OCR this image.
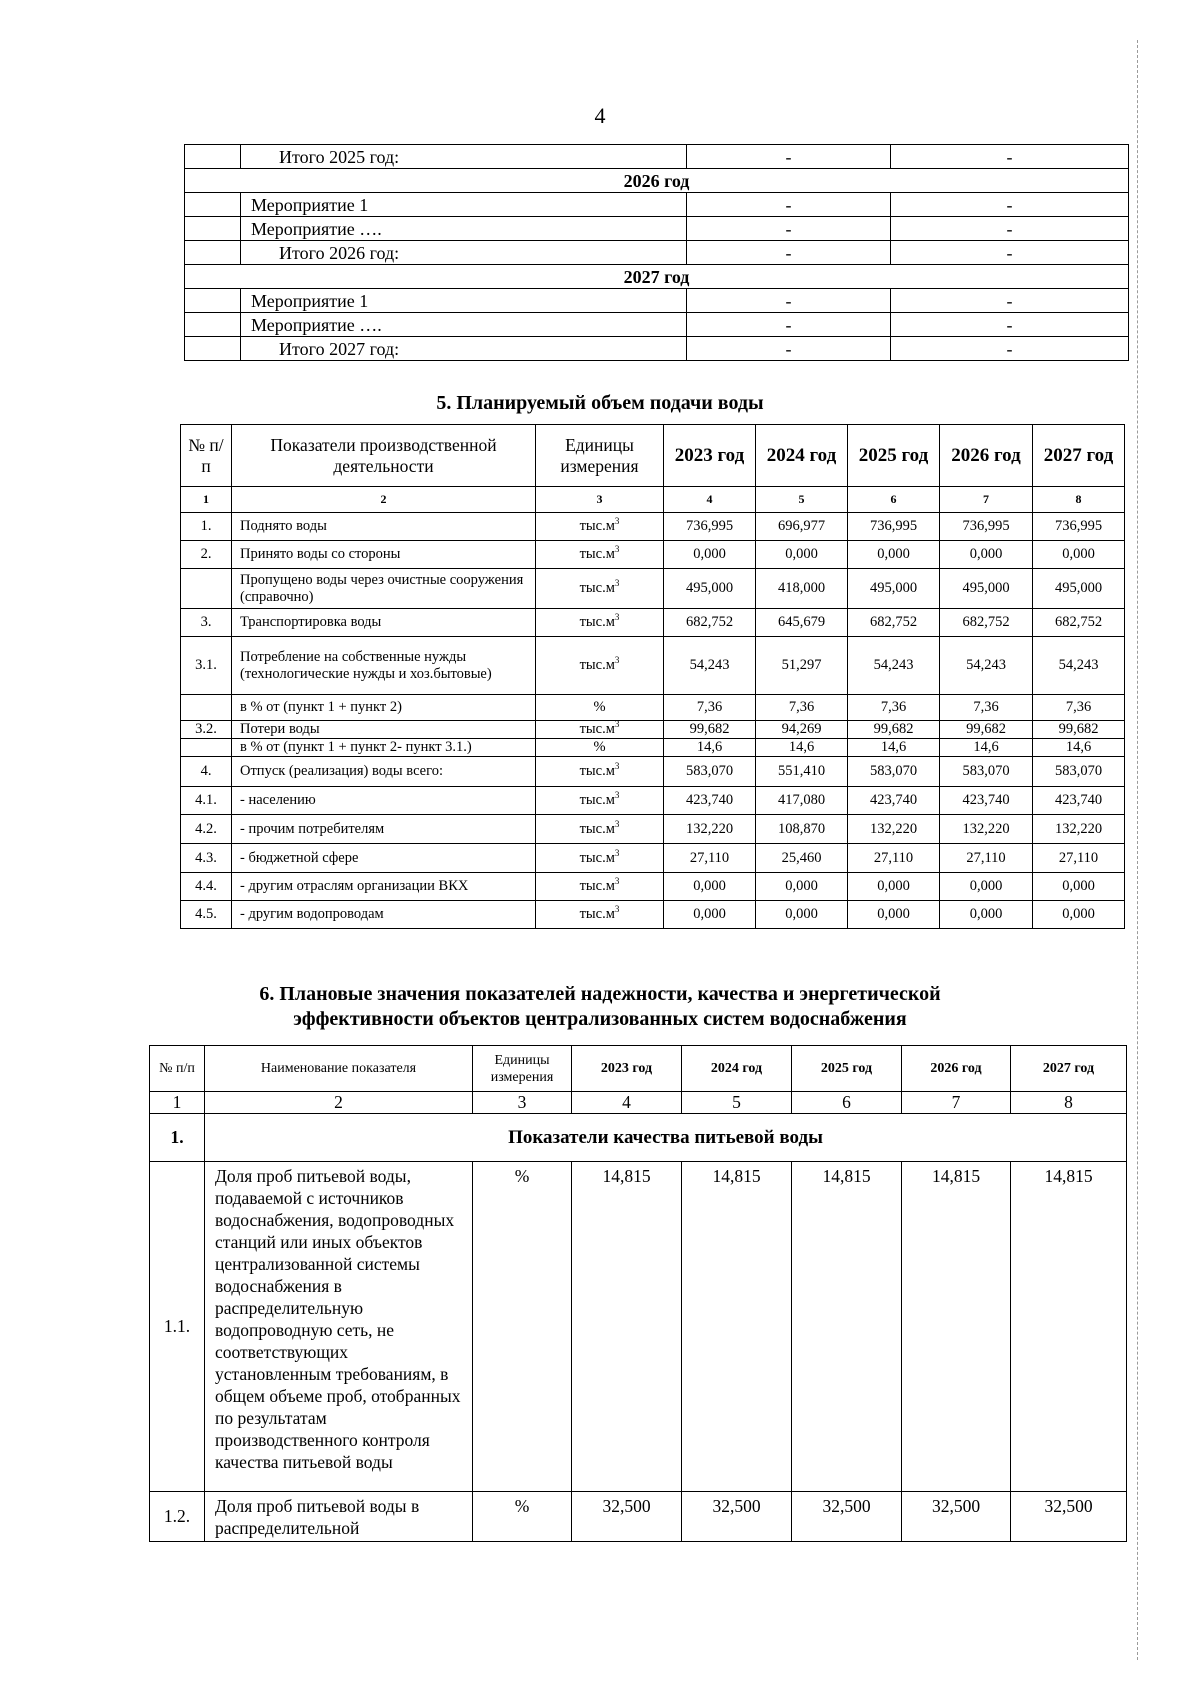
4
	Итого 2025 год:	-	-
2026 год			
	Мероприятие 1	-	-
	Мероприятие ….	-	-
	Итого 2026 год:	-	-
2027 год			
	Мероприятие 1	-	-
	Мероприятие ….	-	-
	Итого 2027 год:	-	-
5. Планируемый объем подачи воды
№ п/п	Показатели производственной деятельности	Единицы измерения	2023 год	2024 год	2025 год	2026 год	2027 год
1	2	3	4	5	6	7	8
1.	Поднято воды	$тыс.м^3$	736,995	696,977	736,995	736,995	736,995
2.	Принято воды со стороны	$тыс.м^3$	0,000	0,000	0,000	0,000	0,000
	Пропущено воды через очистные сооружения (справочно)	$тыс.м^3$	495,000	418,000	495,000	495,000	495,000
3.	Транспортировка воды	$тыс.м^3$	682,752	645,679	682,752	682,752	682,752
3.1.	Потребление на собственные нужды (технологические нужды и хоз.бытовые)	$тыс.м^3$	54,243	51,297	54,243	54,243	54,243
	в % от (пункт 1 + пункт 2)	%	7,36	7,36	7,36	7,36	7,36
3.2.	Потери воды	$тыс.м^3$	99,682	94,269	99,682	99,682	99,682
	в % от (пункт 1 + пункт 2- пункт 3.1.)	%	14,6	14,6	14,6	14,6	14,6
4.	Отпуск (реализация) воды всего:	$тыс.м^3$	583,070	551,410	583,070	583,070	583,070
4.1.	- населению	$тыс.м^3$	423,740	417,080	423,740	423,740	423,740
4.2.	- прочим потребителям	$тыс.м^3$	132,220	108,870	132,220	132,220	132,220
4.3.	- бюджетной сфере	$тыс.м^3$	27,110	25,460	27,110	27,110	27,110
4.4.	- другим отраслям организации ВКХ	$тыс.м^3$	0,000	0,000	0,000	0,000	0,000
4.5.	- другим водопроводам	$тыс.м^3$	0,000	0,000	0,000	0,000	0,000
6. Плановые значения показателей надежности, качества и энергетической
эффективности объектов централизованных систем водоснабжения
№ п/п	Наименование показателя	Единицы измерения	2023 год	2024 год	2025 год	2026 год	2027 год
1	2	3	4	5	6	7	8
1.	Показатели качества питьевой воды						
1.1.	Доля проб питьевой воды, подаваемой с источников водоснабжения, водопроводных станций или иных объектов централизованной системы водоснабжения в распределительную водопроводную сеть, не соответствующих установленным требованиям, в общем объеме проб, отобранных по результатам производственного контроля качества питьевой воды	%	14,815	14,815	14,815	14,815	14,815
1.2.	Доля проб питьевой воды в распределительной	%	32,500	32,500	32,500	32,500	32,500
